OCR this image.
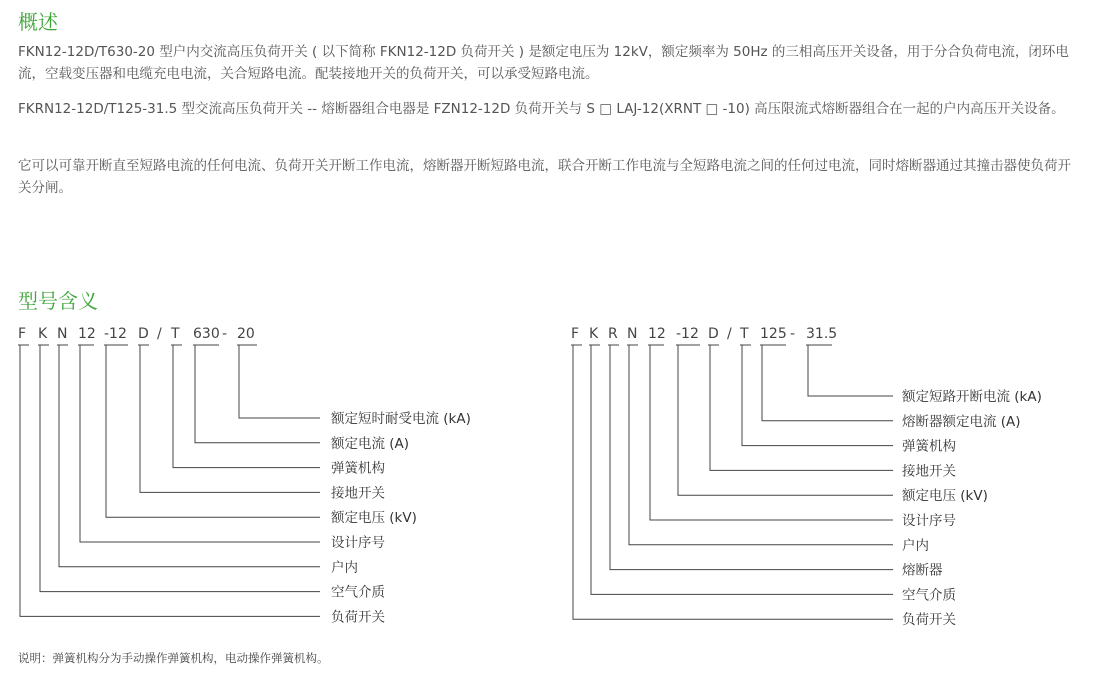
概述

FKN12-12D/T630-20 型户内交流高压负荷开关 ( 以下简称 FKN12-12D 负荷开关 ) 是额定电压为 12kV，额定频率为 50Hz 的三相高压开关设备，用于分合负荷电流，闭环电流，空载变压器和电缆充电电流，关合短路电流。配装接地开关的负荷开关，可以承受短路电流。

FKRN12-12D/T125-31.5 型交流高压负荷开关 -- 熔断器组合电器是 FZN12-12D 负荷开关与 S □ LAJ-12(XRNT □ -10) 高压限流式熔断器组合在一起的户内高压开关设备。

它可以可靠开断直至短路电流的任何电流、负荷开关开断工作电流，熔断器开断短路电流，联合开断工作电流与全短路电流之间的任何过电流，同时熔断器通过其撞击器使负荷开关分闸。

型号含义
F K N 12 -12 D / T 630 - 20
额定短时耐受电流 (kA)
额定电流 (A)
弹簧机构
接地开关
额定电压 (kV)
设计序号
户内
空气介质
负荷开关
F K R N 12 -12 D / T 125 - 31.5
额定短路开断电流 (kA)
熔断器额定电流 (A)
弹簧机构
接地开关
额定电压 (kV)
设计序号
户内
熔断器
空气介质
负荷开关

说明：弹簧机构分为手动操作弹簧机构，电动操作弹簧机构。
